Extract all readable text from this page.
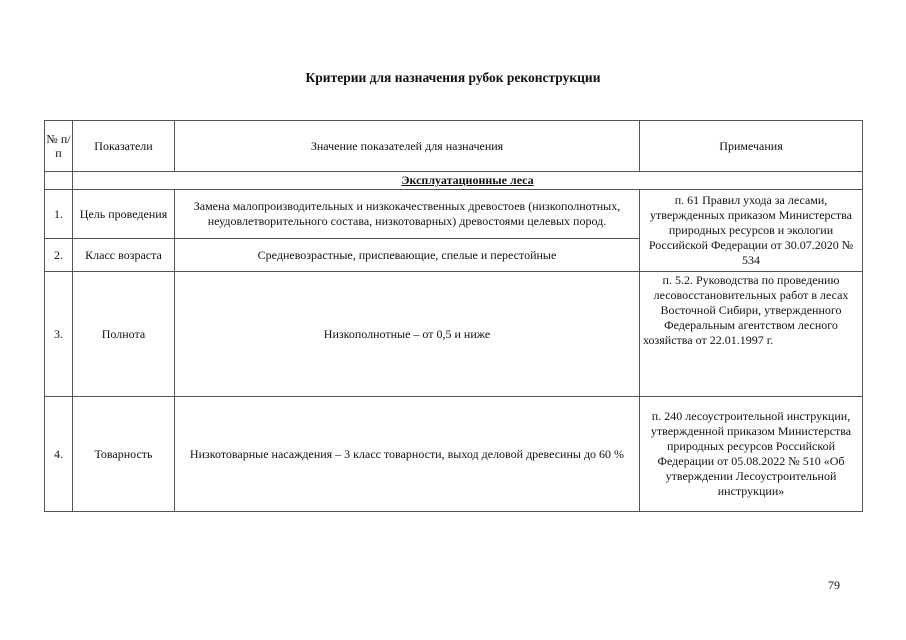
Критерии для назначения рубок реконструкции
№ п/п	Показатели	Значение показателей для назначения	Примечания
	Эксплуатационные леса		
1.	Цель проведения	Замена малопроизводительных и низкокачественных древостоев (низкополнотных, неудовлетворительного состава, низкотоварных) древостоями целевых пород.	п. 61 Правил ухода за лесами, утвержденных приказом Министерства природных ресурсов и экологии Российской Федерации от 30.07.2020 № 534
2.	Класс возраста	Средневозрастные, приспевающие, спелые и перестойные	
3.	Полнота	Низкополнотные – от 0,5 и ниже	п. 5.2. Руководства по проведению лесовосстановительных работ в лесах Восточной Сибири, утвержденного Федеральным агентством лесного хозяйства от 22.01.1997 г.
4.	Товарность	Низкотоварные насаждения – 3 класс товарности, выход деловой древесины до 60 %	п. 240 лесоустроительной инструкции, утвержденной приказом Министерства природных ресурсов Российской Федерации от 05.08.2022 № 510 «Об утверждении Лесоустроительной инструкции»
79
